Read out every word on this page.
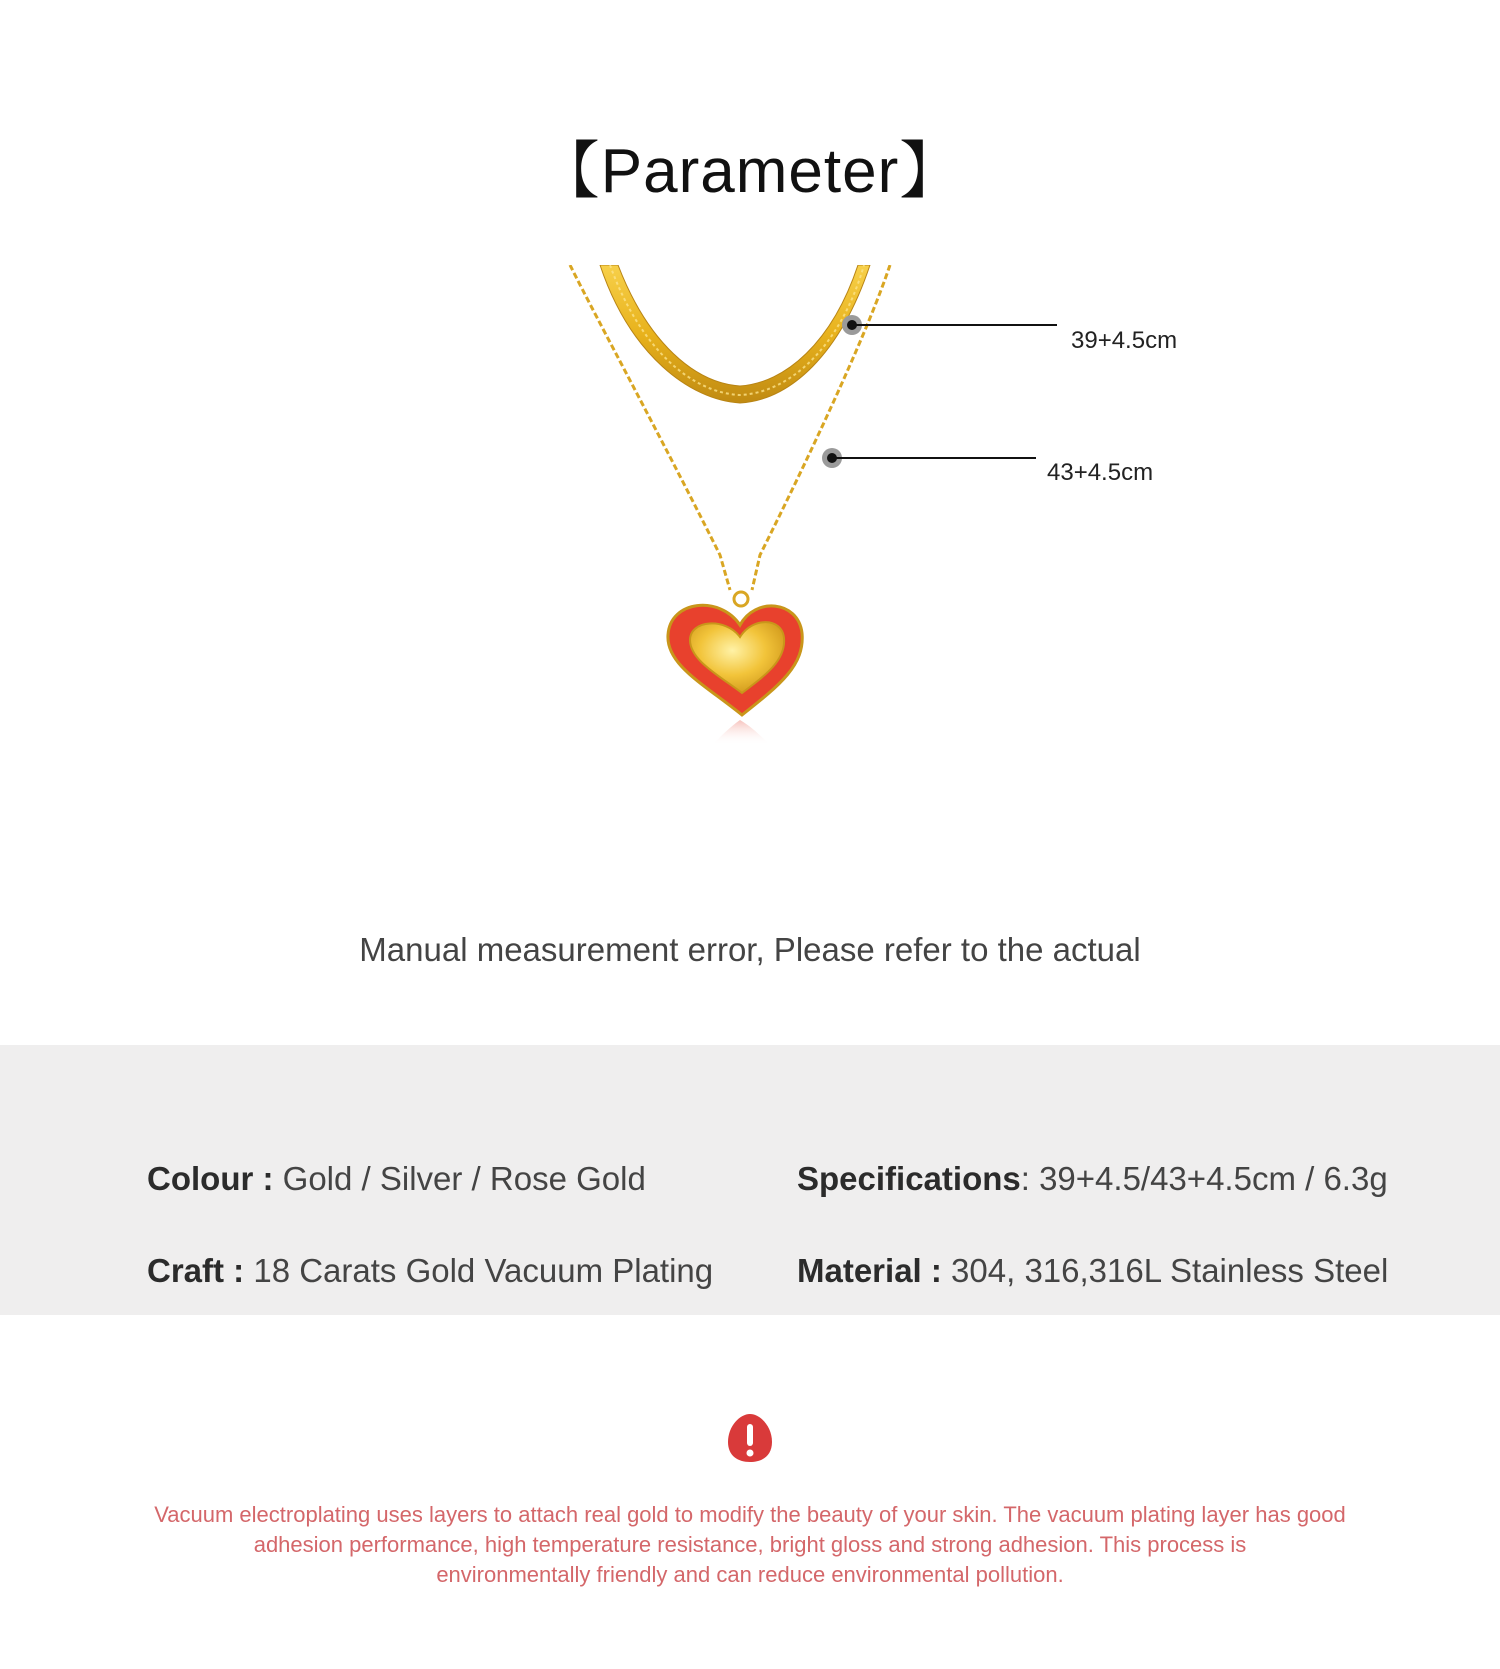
【Parameter】
39+4.5cm
43+4.5cm
Manual measurement error, Please refer to the actual
Colour : Gold / Silver / Rose Gold
Craft : 18 Carats Gold Vacuum Plating
Specifications: 39+4.5/43+4.5cm / 6.3g
Material : 304, 316,316L Stainless Steel
Vacuum electroplating uses layers to attach real gold to modify the beauty of your skin. The vacuum plating layer has good
adhesion performance, high temperature resistance, bright gloss and strong adhesion. This process is
environmentally friendly and can reduce environmental pollution.
